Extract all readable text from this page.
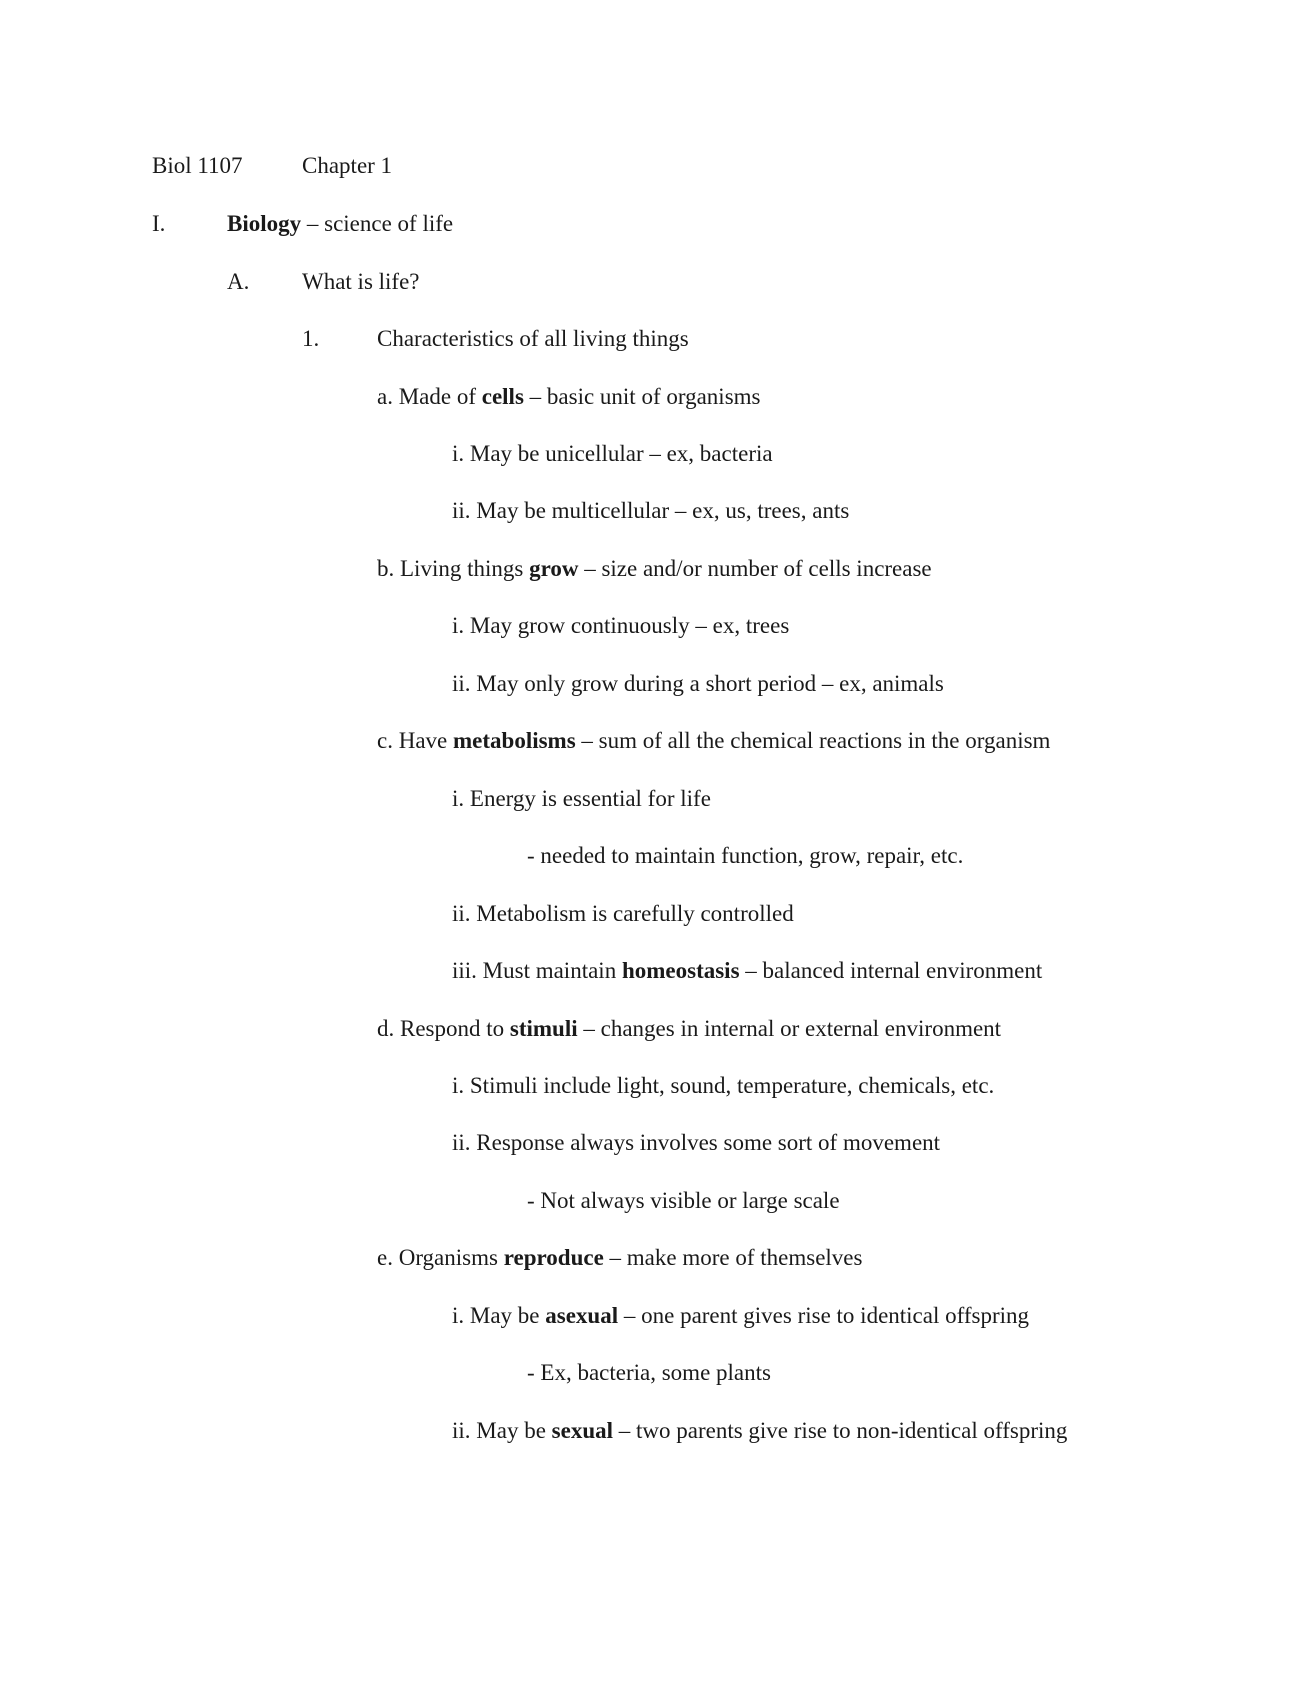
Biol 1107	Chapter 1
I.	Biology – science of life
A. What is life?
1.	Characteristics of all living things
a. Made of cells – basic unit of organisms
i. May be unicellular – ex, bacteria
ii. May be multicellular – ex, us, trees, ants
b. Living things grow – size and/or number of cells increase
i. May grow continuously – ex, trees
ii. May only grow during a short period – ex, animals
c. Have metabolisms – sum of all the chemical reactions in the organism
i. Energy is essential for life
- needed to maintain function, grow, repair, etc.
ii. Metabolism is carefully controlled
iii. Must maintain homeostasis – balanced internal environment
d. Respond to stimuli – changes in internal or external environment
i. Stimuli include light, sound, temperature, chemicals, etc.
ii. Response always involves some sort of movement
- Not always visible or large scale
e. Organisms reproduce – make more of themselves
i. May be asexual – one parent gives rise to identical offspring
- Ex, bacteria, some plants
ii. May be sexual – two parents give rise to non-identical offspring
